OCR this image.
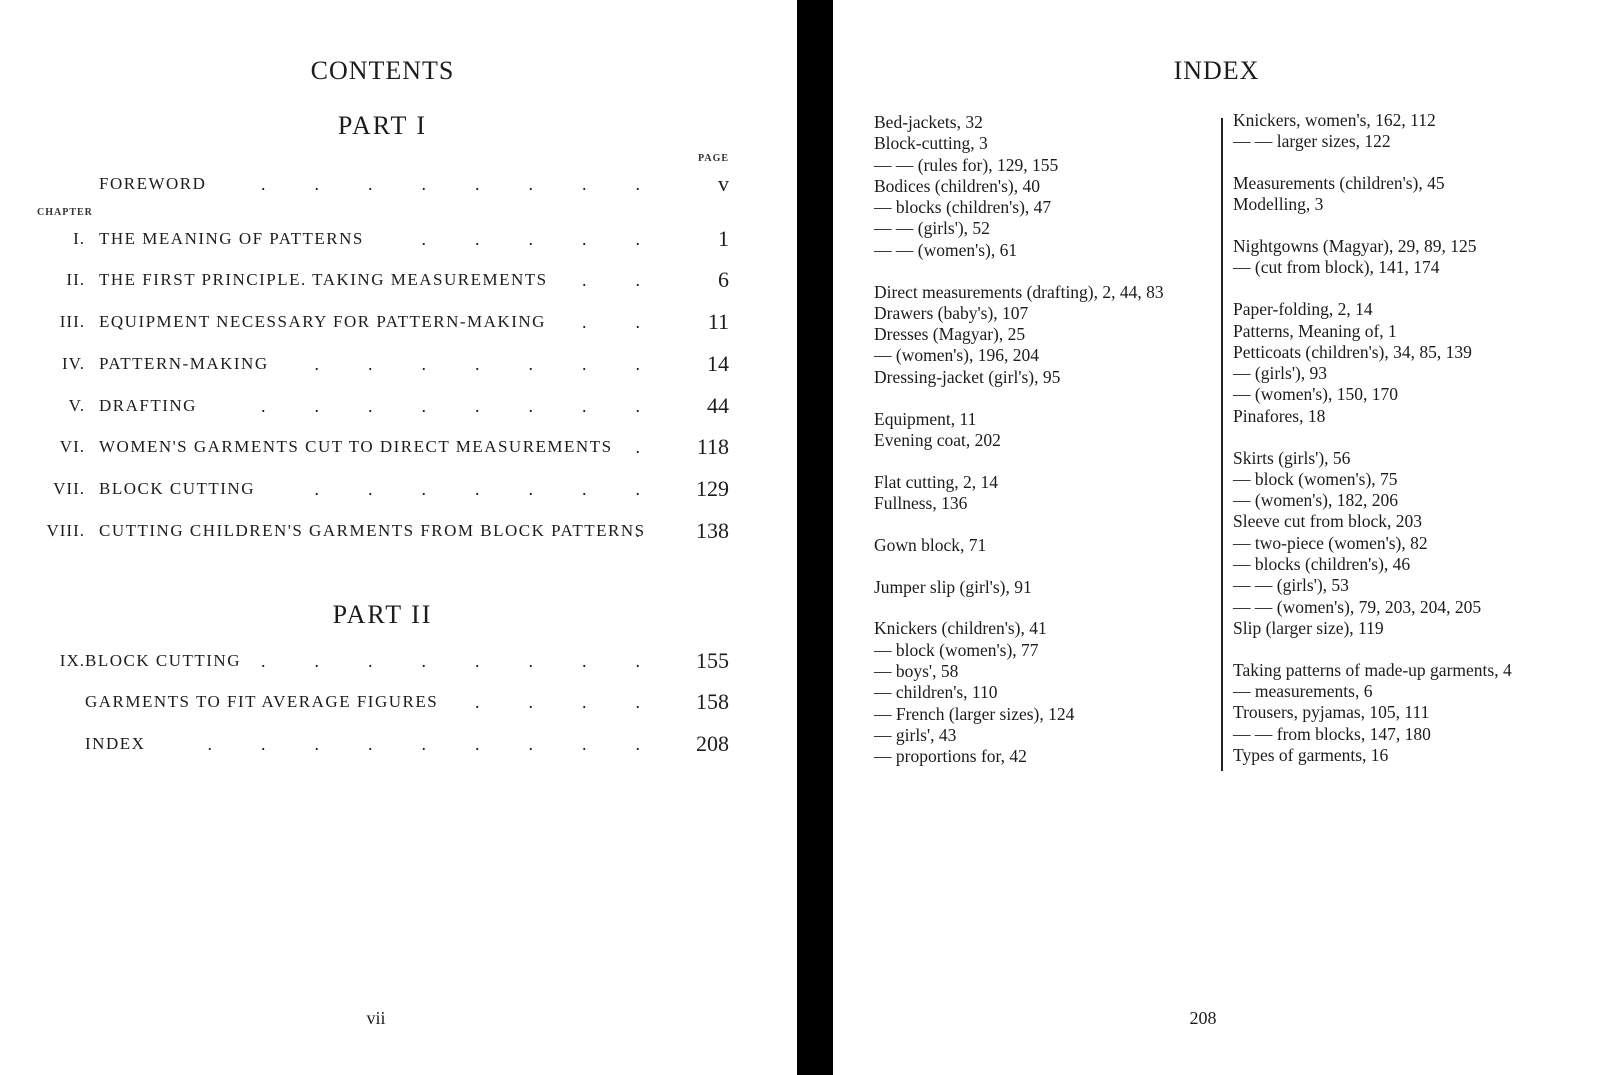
CONTENTS
PART I
PAGE
CHAPTER
FOREWORD	v
........
I. THE MEANING OF PATTERNS	1
.....
II. THE FIRST PRINCIPLE. TAKING MEASUREMENTS	6
..
III. EQUIPMENT NECESSARY FOR PATTERN-MAKING	11
..
IV. PATTERN-MAKING	14
.......
V. DRAFTING	44
........
VI. WOMEN'S GARMENTS CUT TO DIRECT MEASUREMENTS	118
.
VII. BLOCK CUTTING	129
.......
VIII. CUTTING CHILDREN'S GARMENTS FROM BLOCK PATTERNS 138
.
PART II
IX. BLOCK CUTTING	155
........
GARMENTS TO FIT AVERAGE FIGURES	158
....
INDEX	208
.........
vii
INDEX
Bed-jackets, 32
Block-cutting, 3
— — (rules for), 129, 155
Bodices (children's), 40
— blocks (children's), 47
— — (girls'), 52
— — (women's), 61
Direct measurements (drafting), 2, 44, 83
Drawers (baby's), 107
Dresses (Magyar), 25
— (women's), 196, 204
Dressing-jacket (girl's), 95
Equipment, 11
Evening coat, 202
Flat cutting, 2, 14
Fullness, 136
Gown block, 71
Jumper slip (girl's), 91
Knickers (children's), 41
— block (women's), 77
— boys', 58
— children's, 110
— French (larger sizes), 124
— girls', 43
— proportions for, 42
Knickers, women's, 162, 112
— — larger sizes, 122
Measurements (children's), 45
Modelling, 3
Nightgowns (Magyar), 29, 89, 125
— (cut from block), 141, 174
Paper-folding, 2, 14
Patterns, Meaning of, 1
Petticoats (children's), 34, 85, 139
— (girls'), 93
— (women's), 150, 170
Pinafores, 18
Skirts (girls'), 56
— block (women's), 75
— (women's), 182, 206
Sleeve cut from block, 203
— two-piece (women's), 82
— blocks (children's), 46
— — (girls'), 53
— — (women's), 79, 203, 204, 205
Slip (larger size), 119
Taking patterns of made-up garments, 4
— measurements, 6
Trousers, pyjamas, 105, 111
— — from blocks, 147, 180
Types of garments, 16
208
